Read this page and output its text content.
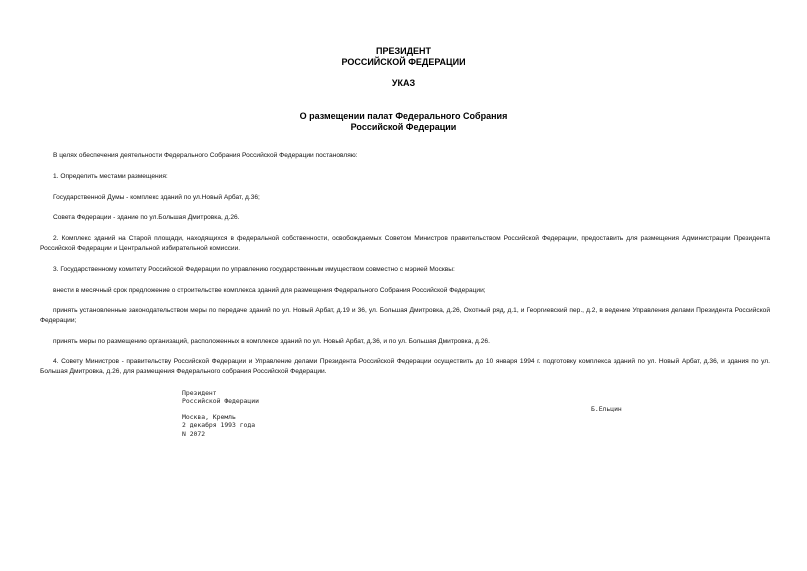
ПРЕЗИДЕНТ
РОССИЙСКОЙ ФЕДЕРАЦИИ
УКАЗ
О размещении палат Федерального Собрания
Российской Федерации
В целях обеспечения деятельности Федерального Собрания Российской Федерации постановляю:
1. Определить местами размещения:
Государственной Думы - комплекс зданий по ул.Новый Арбат, д.36;
Совета Федерации - здание по ул.Большая Дмитровка, д.26.
2. Комплекс зданий на Старой площади, находящихся в федеральной собственности, освобождаемых Советом Министров правительством Российской Федерации, предоставить для размещения Администрации Президента Российской Федерации и Центральной избирательной комиссии.
3. Государственному комитету Российской Федерации по управлению государственным имуществом совместно с мэрией Москвы:
внести в месячный срок предложение о строительстве комплекса зданий для размещения Федерального Собрания Российской Федерации;
принять установленные законодательством меры по передаче зданий по ул. Новый Арбат, д.19 и 36, ул. Большая Дмитровка, д.26, Охотный ряд, д.1, и Георгиевский пер., д.2, в ведение Управления делами Президента Российской Федерации;
принять меры по размещению организаций, расположенных в комплексе зданий по ул. Новый Арбат, д.36, и по ул. Большая Дмитровка, д.26.
4. Совету Министров - правительству Российской Федерации и Управление делами Президента Российской Федерации осуществить до 10 января 1994 г. подготовку комплекса зданий по ул. Новый Арбат, д.36, и здания по ул. Большая Дмитровка, д.26, для размещения Федерального собрания Российской Федерации.
Президент
Российской Федерации
Б.Ельцин
Москва, Кремль
2 декабря 1993 года
N 2072
